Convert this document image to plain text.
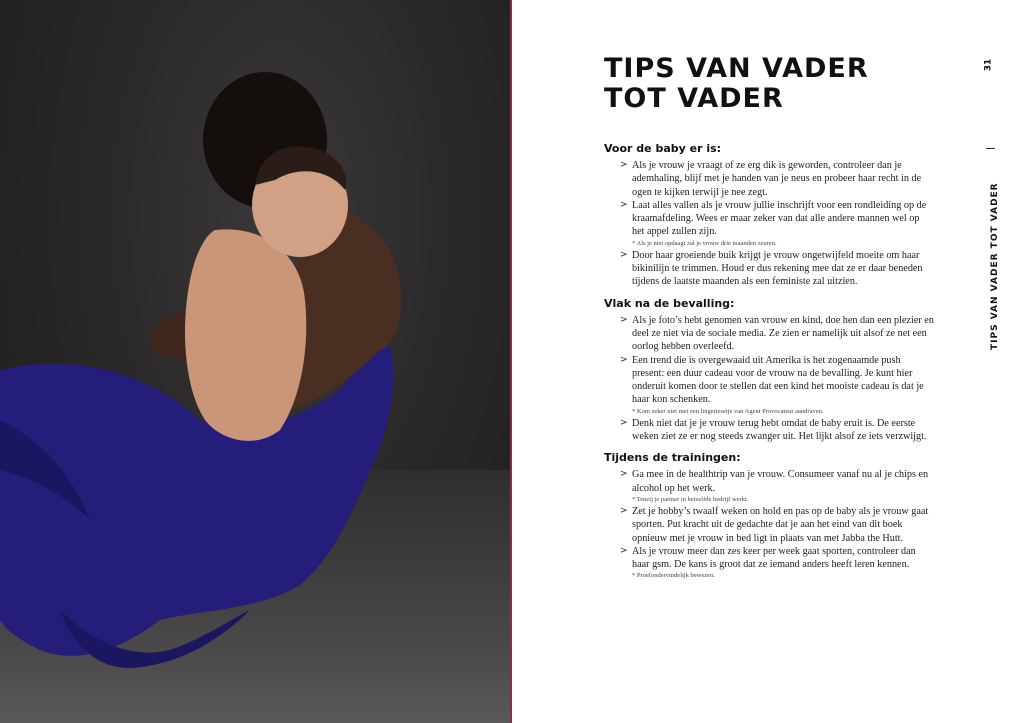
TIPS VAN VADER
TOT VADER
31
TIPS VAN VADER TOT VADER
Voor de baby er is:
> Als je vrouw je vraagt of ze erg dik is geworden, controleer dan je ademhaling, blijf met je handen van je neus en probeer haar recht in de ogen te kijken terwijl je nee zegt.
> Laat alles vallen als je vrouw jullie inschrijft voor een rondleiding op de kraamafdeling. Wees er maar zeker van dat alle andere mannen wel op het appel zullen zijn.
* Als je niet opdaagt zal je vrouw drie maanden zeuren.
> Door haar groeiende buik krijgt je vrouw ongetwijfeld moeite om haar bikinilijn te trimmen. Houd er dus rekening mee dat ze er daar beneden tijdens de laatste maanden als een feministe zal uitzien.
Vlak na de bevalling:
> Als je foto’s hebt genomen van vrouw en kind, doe hen dan een plezier en deel ze niet via de sociale media. Ze zien er namelijk uit alsof ze net een oorlog hebben overleefd.
> Een trend die is overgewaaid uit Amerika is het zogenaamde push present: een duur cadeau voor de vrouw na de bevalling. Je kunt hier onderuit komen door te stellen dat een kind het mooiste cadeau is dat je haar kon schenken.
* Kom zeker niet met een lingeriesetje van Agent Provocateur aandraven.
> Denk niet dat je je vrouw terug hebt omdat de baby eruit is. De eerste weken ziet ze er nog steeds zwanger uit. Het lijkt alsof ze iets verzwijgt.
Tijdens de trainingen:
> Ga mee in de healthtrip van je vrouw. Consumeer vanaf nu al je chips en alcohol op het werk.
* Tenzij je partner in hetzelfde bedrijf werkt.
> Zet je hobby’s twaalf weken on hold en pas op de baby als je vrouw gaat sporten. Put kracht uit de gedachte dat je aan het eind van dit boek opnieuw met je vrouw in bed ligt in plaats van met Jabba the Hutt.
> Als je vrouw meer dan zes keer per week gaat sporten, controleer dan haar gsm. De kans is groot dat ze iemand anders heeft leren kennen.
* Proefondervindelijk bewezen.
